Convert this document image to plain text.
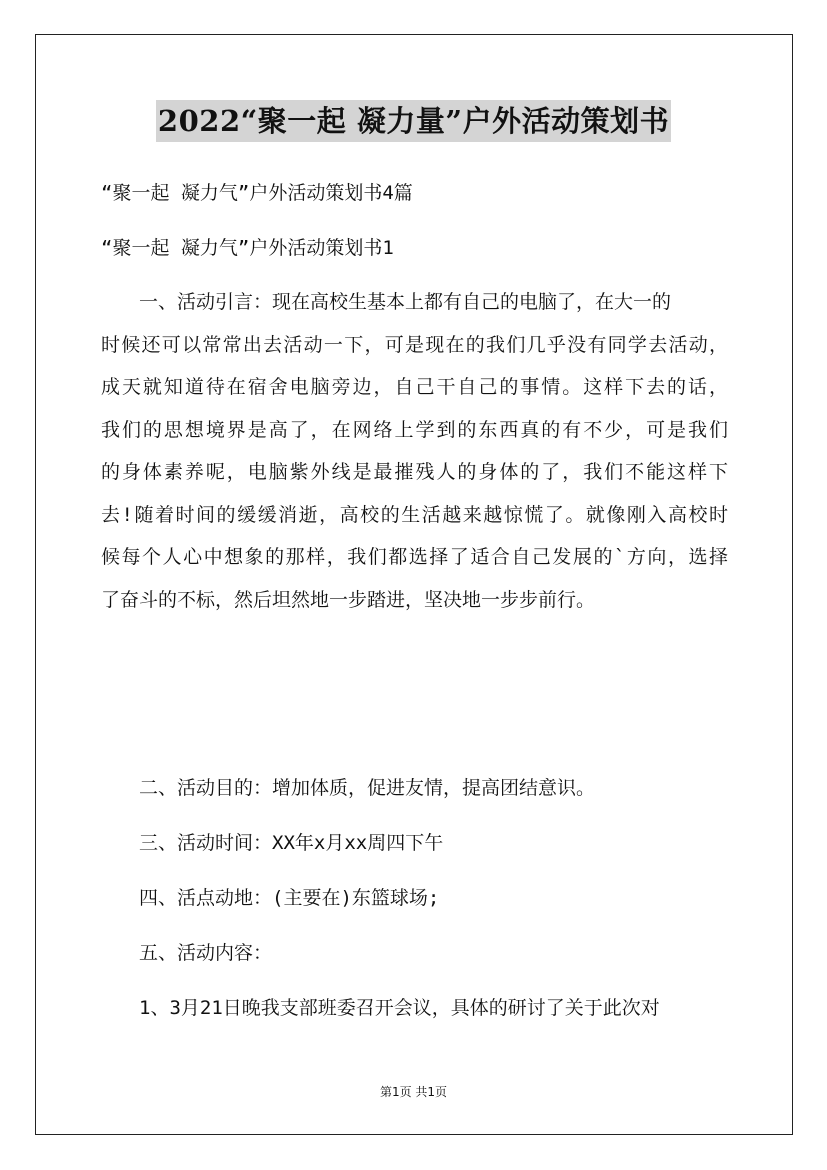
2022“聚一起 凝力量”户外活动策划书
“聚一起 凝力气”户外活动策划书4篇
“聚一起 凝力气”户外活动策划书1
一、活动引言：现在高校生基本上都有自己的电脑了，在大一的
时候还可以常常出去活动一下，可是现在的我们几乎没有同学去活动，
成天就知道待在宿舍电脑旁边，自己干自己的事情。这样下去的话，
我们的思想境界是高了，在网络上学到的东西真的有不少，可是我们
的身体素养呢，电脑紫外线是最摧残人的身体的了，我们不能这样下
去!随着时间的缓缓消逝，高校的生活越来越惊慌了。就像刚入高校时
候每个人心中想象的那样，我们都选择了适合自己发展的`方向，选择
了奋斗的不标，然后坦然地一步踏进，坚决地一步步前行。
二、活动目的：增加体质，促进友情，提高团结意识。
三、活动时间：XX年x月xx周四下午
四、活点动地：(主要在)东篮球场;
五、活动内容：
1、3月21日晚我支部班委召开会议，具体的研讨了关于此次对
第1页 共1页
